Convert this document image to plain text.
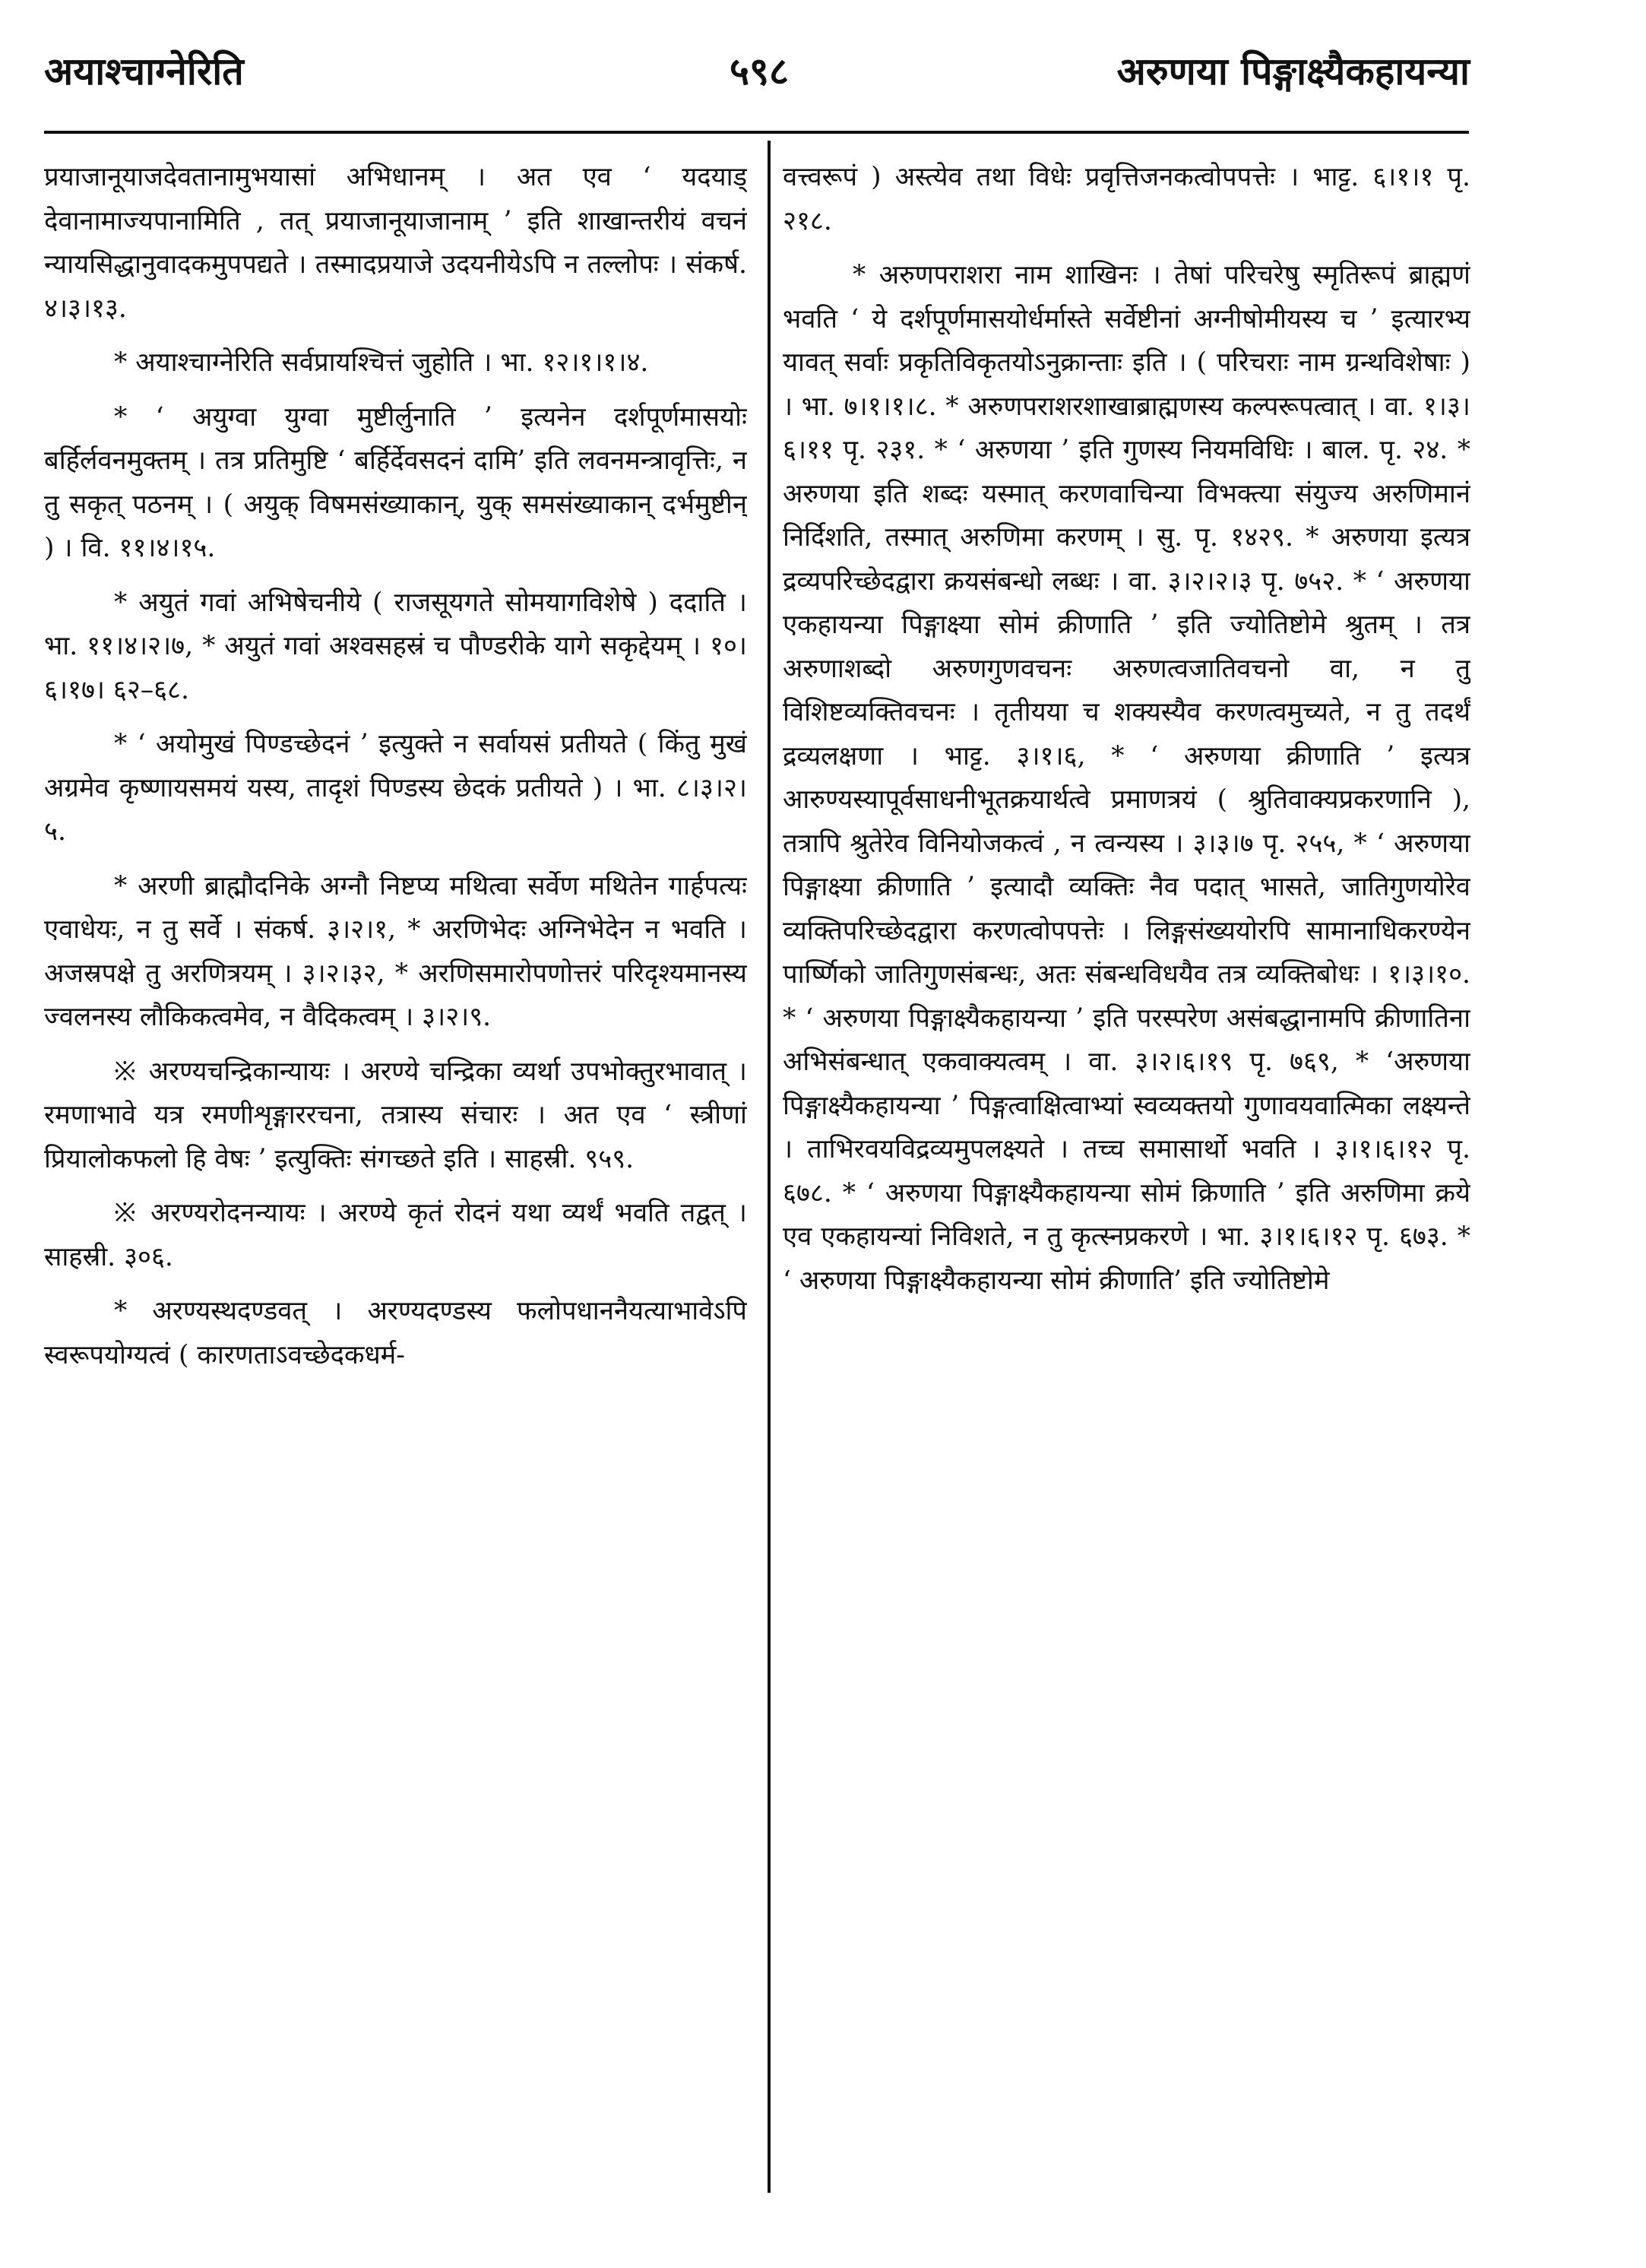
अयाश्चाग्नेरिति	५९८	अरुणया पिङ्गाक्ष्यैकहायन्या

प्रयाजानूयाजदेवतानामुभयासां अभिधानम् । अत एव ‘ यदयाड् देवानामाज्यपानामिति , तत् प्रयाजानूयाजानाम् ’ इति शाखान्तरीयं वचनं न्यायसिद्धानुवादकमुपपद्यते । तस्मादप्रयाजे उदयनीयेऽपि न तल्लोपः । संकर्ष. ४।३।१३.

* अयाश्चाग्नेरिति सर्वप्रायश्चित्तं जुहोति । भा. १२।१।१।४.

* ‘ अयुग्वा युग्वा मुष्टीर्लुनाति ’ इत्यनेन दर्शपूर्णमासयोः बर्हिर्लवनमुक्तम् । तत्र प्रतिमुष्टि ‘ बर्हिर्देवसदनं दामि’ इति लवनमन्त्रावृत्तिः, न तु सकृत् पठनम् । ( अयुक् विषमसंख्याकान्, युक् समसंख्याकान् दर्भमुष्टीन् ) । वि. ११।४।१५.

* अयुतं गवां अभिषेचनीये ( राजसूयगते सोमयागविशेषे ) ददाति । भा. ११।४।२।७, * अयुतं गवां अश्वसहस्रं च पौण्डरीके यागे सकृद्देयम् । १०।६।१७। ६२–६८.

* ‘ अयोमुखं पिण्डच्छेदनं ’ इत्युक्ते न सर्वायसं प्रतीयते ( किंतु मुखं अग्रमेव कृष्णायसमयं यस्य, तादृशं पिण्डस्य छेदकं प्रतीयते ) । भा. ८।३।२।५.

* अरणी ब्राह्मौदनिके अग्नौ निष्टप्य मथित्वा सर्वेण मथितेन गार्हपत्यः एवाधेयः, न तु सर्वे । संकर्ष. ३।२।१, * अरणिभेदः अग्निभेदेन न भवति । अजस्रपक्षे तु अरणित्रयम् । ३।२।३२, * अरणिसमारोपणोत्तरं परिदृश्यमानस्य ज्वलनस्य लौकिकत्वमेव, न वैदिकत्वम् । ३।२।९.

※ अरण्यचन्द्रिकान्यायः । अरण्ये चन्द्रिका व्यर्था उपभोक्तुरभावात् । रमणाभावे यत्र रमणीशृङ्गाररचना, तत्रास्य संचारः । अत एव ‘ स्त्रीणां प्रियालोकफलो हि वेषः ’ इत्युक्तिः संगच्छते इति । साहस्री. ९५९.

※ अरण्यरोदनन्यायः । अरण्ये कृतं रोदनं यथा व्यर्थं भवति तद्वत् । साहस्री. ३०६.

* अरण्यस्थदण्डवत् । अरण्यदण्डस्य फलोपधाननैयत्याभावेऽपि स्वरूपयोग्यत्वं ( कारणताऽवच्छेदकधर्म-

वत्त्वरूपं ) अस्त्येव तथा विधेः प्रवृत्तिजनकत्वोपपत्तेः । भाट्ट. ६।१।१ पृ. २१८.

* अरुणपराशरा नाम शाखिनः । तेषां परिचरेषु स्मृतिरूपं ब्राह्मणं भवति ‘ ये दर्शपूर्णमासयोर्धर्मास्ते सर्वेष्टीनां अग्नीषोमीयस्य च ’ इत्यारभ्य यावत् सर्वाः प्रकृतिविकृतयोऽनुक्रान्ताः इति । ( परिचराः नाम ग्रन्थविशेषाः ) । भा. ७।१।१।८. * अरुणपराशरशाखाब्राह्मणस्य कल्परूपत्वात् । वा. १।३।६।११ पृ. २३१. * ‘ अरुणया ’ इति गुणस्य नियमविधिः । बाल. पृ. २४. * अरुणया इति शब्दः यस्मात् करणवाचिन्या विभक्त्या संयुज्य अरुणिमानं निर्दिशति, तस्मात् अरुणिमा करणम् । सु. पृ. १४२९. * अरुणया इत्यत्र द्रव्यपरिच्छेदद्वारा क्रयसंबन्धो लब्धः । वा. ३।२।२।३ पृ. ७५२. * ‘ अरुणया एकहायन्या पिङ्गाक्ष्या सोमं क्रीणाति ’ इति ज्योतिष्टोमे श्रुतम् । तत्र अरुणाशब्दो अरुणगुणवचनः अरुणत्वजातिवचनो वा, न तु विशिष्टव्यक्तिवचनः । तृतीयया च शक्यस्यैव करणत्वमुच्यते, न तु तदर्थं द्रव्यलक्षणा । भाट्ट. ३।१।६, * ‘ अरुणया क्रीणाति ’ इत्यत्र आरुण्यस्यापूर्वसाधनीभूतक्रयार्थत्वे प्रमाणत्रयं ( श्रुतिवाक्यप्रकरणानि ), तत्रापि श्रुतेरेव विनियोजकत्वं , न त्वन्यस्य । ३।३।७ पृ. २५५, * ‘ अरुणया पिङ्गाक्ष्या क्रीणाति ’ इत्यादौ व्यक्तिः नैव पदात् भासते, जातिगुणयोरेव व्यक्तिपरिच्छेदद्वारा करणत्वोपपत्तेः । लिङ्गसंख्ययोरपि सामानाधिकरण्येन पार्ष्णिको जातिगुणसंबन्धः, अतः संबन्धविधयैव तत्र व्यक्तिबोधः । १।३।१०. * ‘ अरुणया पिङ्गाक्ष्यैकहायन्या ’ इति परस्परेण असंबद्धानामपि क्रीणातिना अभिसंबन्धात् एकवाक्यत्वम् । वा. ३।२।६।१९ पृ. ७६९, * ‘अरुणया पिङ्गाक्ष्यैकहायन्या ’ पिङ्गत्वाक्षित्वाभ्यां स्वव्यक्तयो गुणावयवात्मिका लक्ष्यन्ते । ताभिरवयविद्रव्यमुपलक्ष्यते । तच्च समासार्थो भवति । ३।१।६।१२ पृ. ६७८. * ‘ अरुणया पिङ्गाक्ष्यैकहायन्या सोमं क्रिणाति ’ इति अरुणिमा क्रये एव एकहायन्यां निविशते, न तु कृत्स्नप्रकरणे । भा. ३।१।६।१२ पृ. ६७३. * ‘ अरुणया पिङ्गाक्ष्यैकहायन्या सोमं क्रीणाति’ इति ज्योतिष्टोमे
